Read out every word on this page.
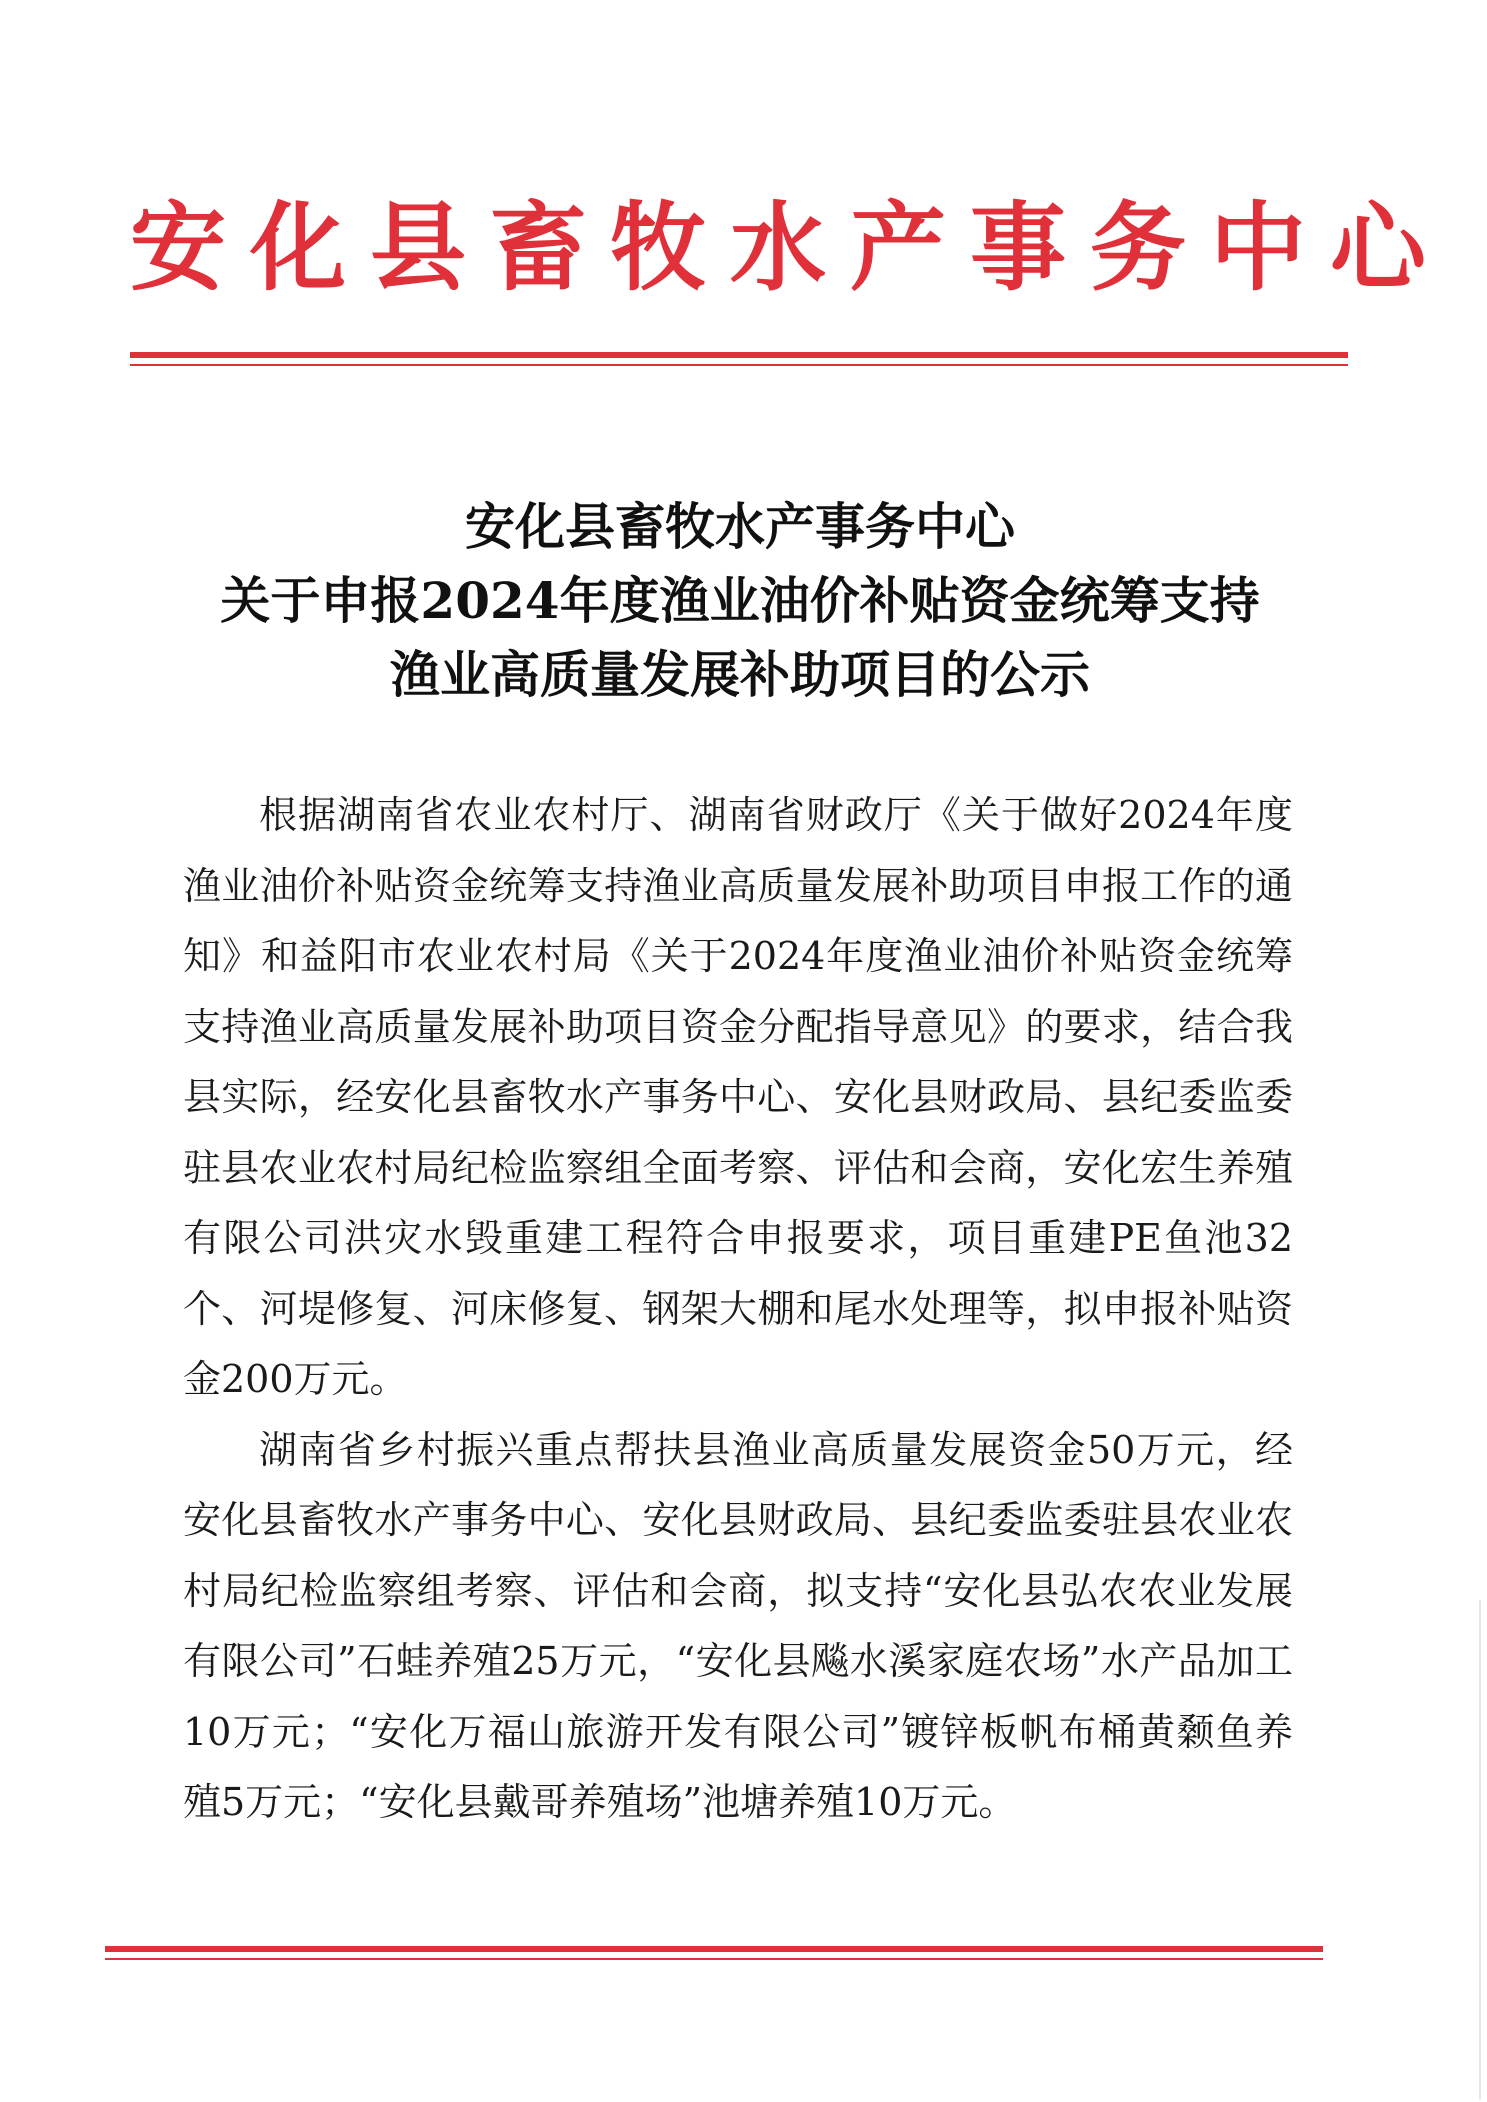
安化县畜牧水产事务中心
安化县畜牧水产事务中心
关于申报2024年度渔业油价补贴资金统筹支持
渔业高质量发展补助项目的公示

根据湖南省农业农村厅、湖南省财政厅《关于做好2024年度渔业油价补贴资金统筹支持渔业高质量发展补助项目申报工作的通知》和益阳市农业农村局《关于2024年度渔业油价补贴资金统筹支持渔业高质量发展补助项目资金分配指导意见》的要求，结合我县实际，经安化县畜牧水产事务中心、安化县财政局、县纪委监委驻县农业农村局纪检监察组全面考察、评估和会商，安化宏生养殖有限公司洪灾水毁重建工程符合申报要求，项目重建PE鱼池32个、河堤修复、河床修复、钢架大棚和尾水处理等，拟申报补贴资金200万元。

湖南省乡村振兴重点帮扶县渔业高质量发展资金50万元，经安化县畜牧水产事务中心、安化县财政局、县纪委监委驻县农业农村局纪检监察组考察、评估和会商，拟支持“安化县弘农农业发展有限公司”石蛙养殖25万元，“安化县飚水溪家庭农场”水产品加工10万元；“安化万福山旅游开发有限公司”镀锌板帆布桶黄颡鱼养殖5万元；“安化县戴哥养殖场”池塘养殖10万元。
